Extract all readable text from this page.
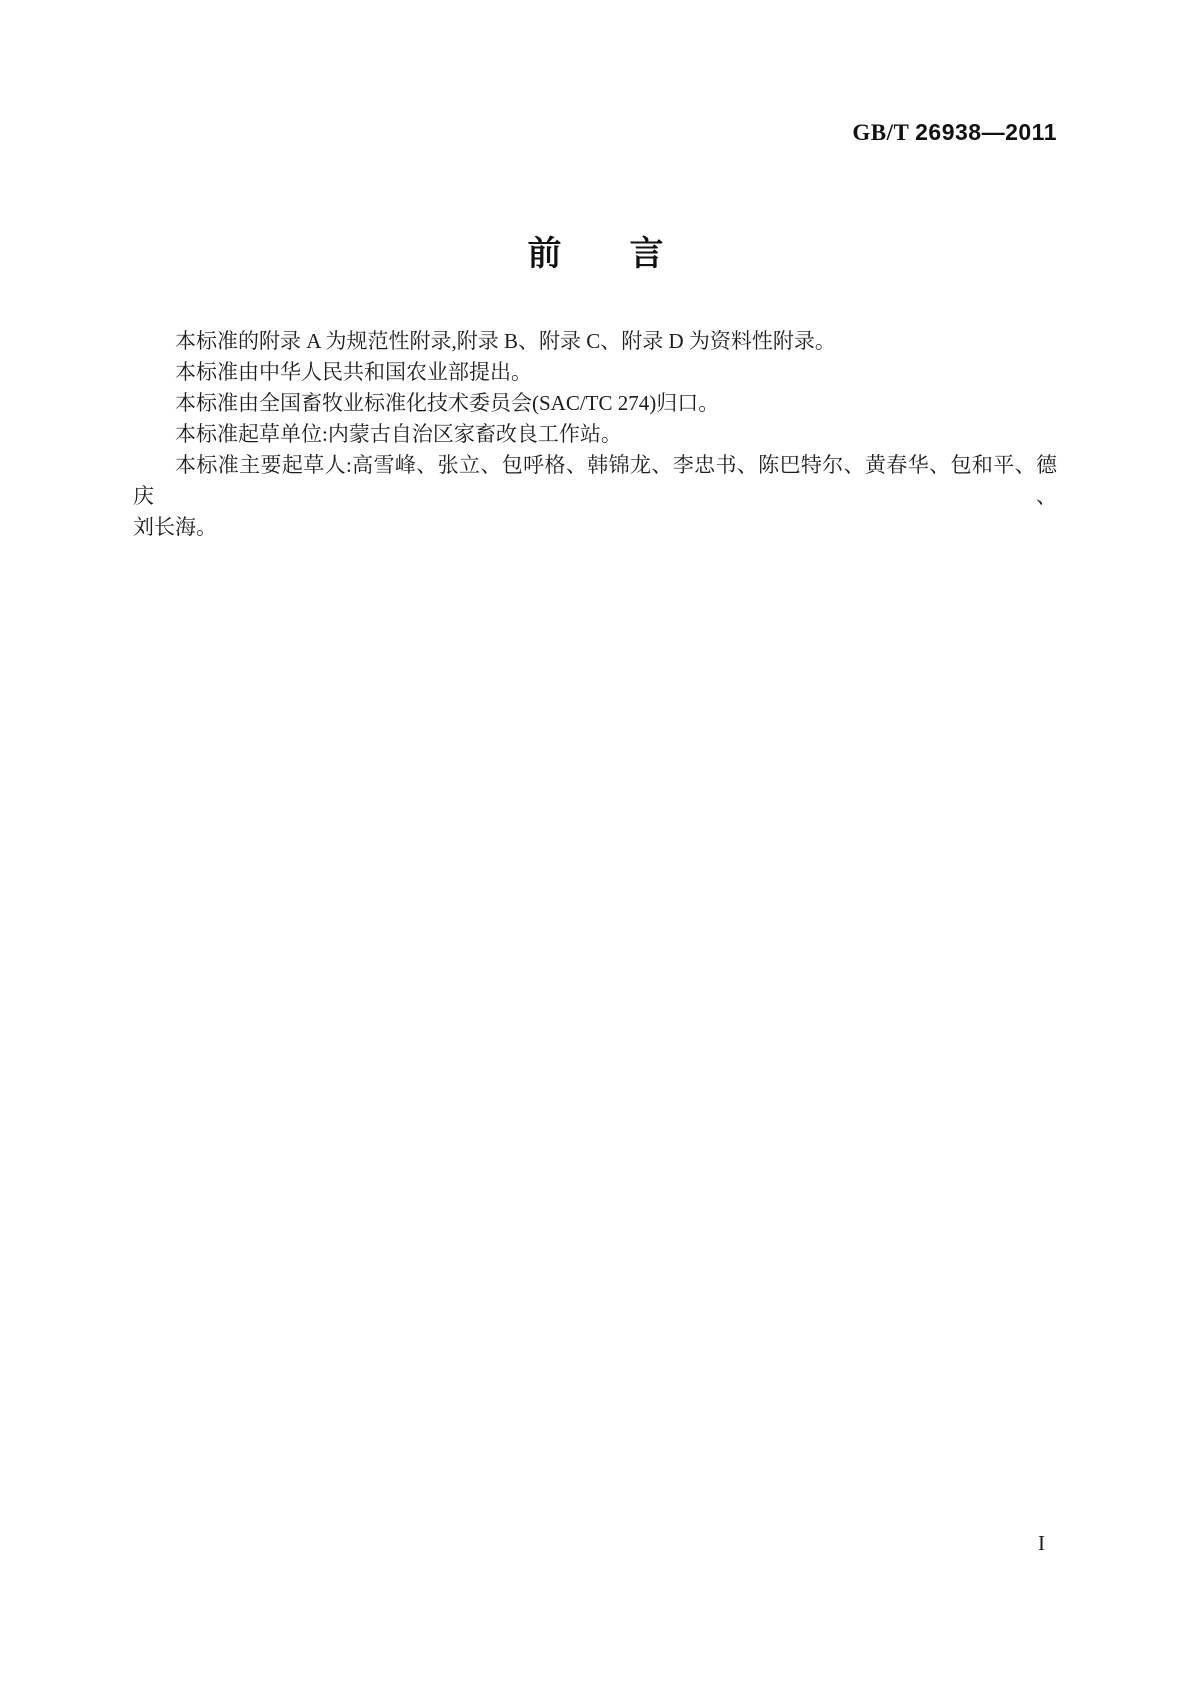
GB/T 26938—2011
前　　言

本标准的附录 A 为规范性附录,附录 B、附录 C、附录 D 为资料性附录。

本标准由中华人民共和国农业部提出。

本标准由全国畜牧业标准化技术委员会(SAC/TC 274)归口。

本标准起草单位:内蒙古自治区家畜改良工作站。

本标准主要起草人:高雪峰、张立、包呼格、韩锦龙、李忠书、陈巴特尔、黄春华、包和平、德庆、

刘长海。

I
